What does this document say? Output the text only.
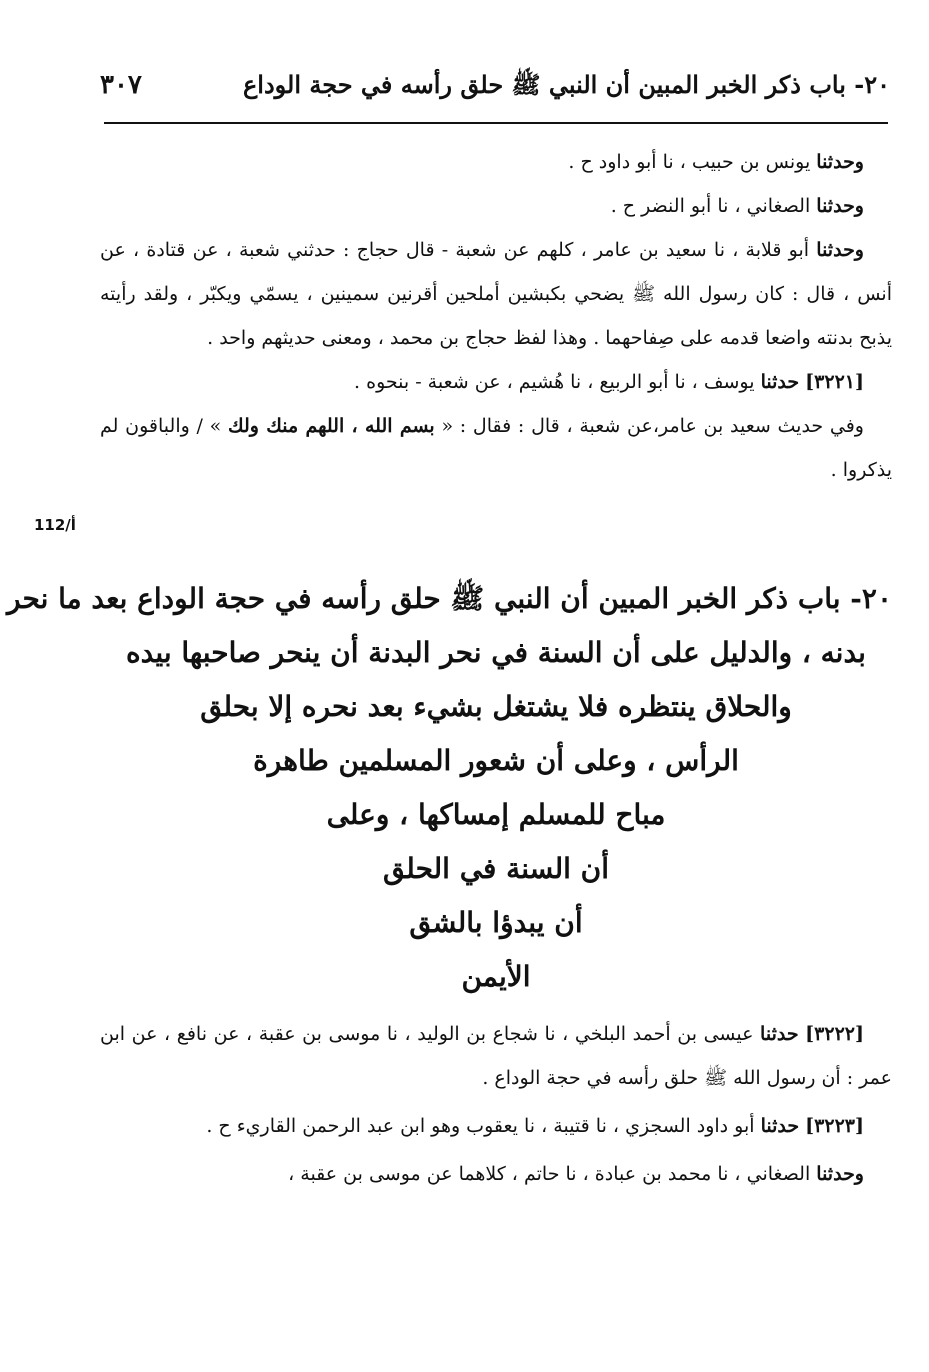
٢٠- باب ذكر الخبر المبين أن النبي ﷺ حلق رأسه في حجة الوداع
٣٠٧
112/أ

وحدثنا يونس بن حبيب ، نا أبو داود ح .

وحدثنا الصغاني ، نا أبو النضر ح .

وحدثنا أبو قلابة ، نا سعيد بن عامر ، كلهم عن شعبة - قال حجاج : حدثني شعبة ، عن قتادة ، عن أنس ، قال : كان رسول الله ﷺ يضحي بكبشين أملحين أقرنين سمينين ، يسمّي ويكبّر ، ولقد رأيته يذبح بدنته واضعا قدمه على صِفاحهما . وهذا لفظ حجاج بن محمد ، ومعنى حديثهم واحد .

[٣٢٢١] حدثنا يوسف ، نا أبو الربيع ، نا هُشيم ، عن شعبة - بنحوه .

وفي حديث سعيد بن عامر،عن شعبة ، قال : فقال : « بسم الله ، اللهم منك ولك » / والباقون لم يذكروا .

٢٠- باب ذكر الخبر المبين أن النبي ﷺ حلق رأسه في حجة الوداع بعد ما نحر
بدنه ، والدليل على أن السنة في نحر البدنة أن ينحر صاحبها بيده
والحلاق ينتظره فلا يشتغل بشيء بعد نحره إلا بحلق
الرأس ، وعلى أن شعور المسلمين طاهرة
مباح للمسلم إمساكها ، وعلى
أن السنة في الحلق
أن يبدؤا بالشق
الأيمن

[٣٢٢٢] حدثنا عيسى بن أحمد البلخي ، نا شجاع بن الوليد ، نا موسى بن عقبة ، عن نافع ، عن ابن عمر : أن رسول الله ﷺ حلق رأسه في حجة الوداع .

[٣٢٢٣] حدثنا أبو داود السجزي ، نا قتيبة ، نا يعقوب وهو ابن عبد الرحمن القاريء ح .

وحدثنا الصغاني ، نا محمد بن عبادة ، نا حاتم ، كلاهما عن موسى بن عقبة ،
